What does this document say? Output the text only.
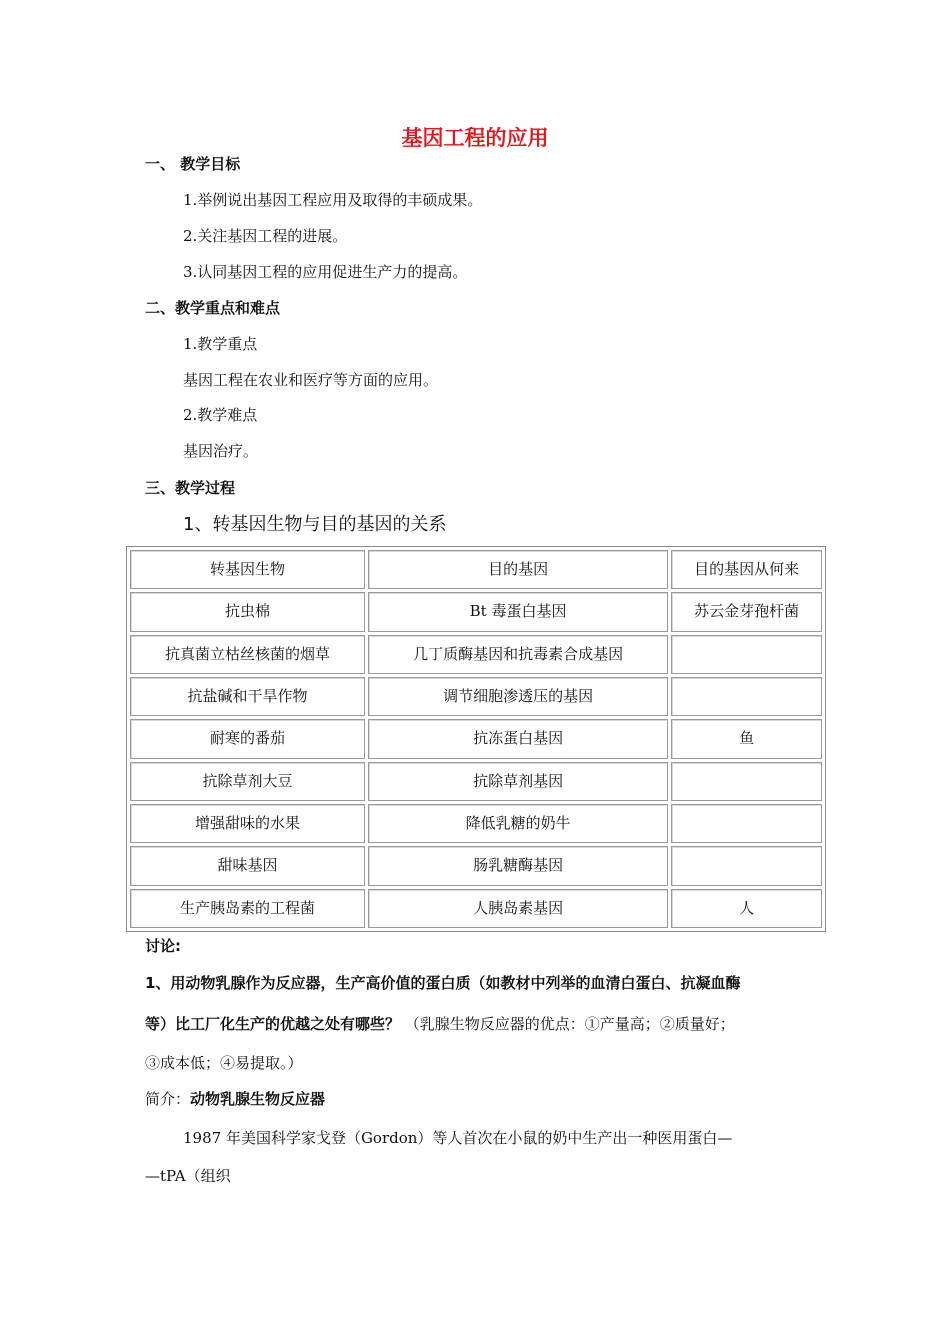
基因工程的应用
一、 教学目标
1.举例说出基因工程应用及取得的丰硕成果。
2.关注基因工程的进展。
3.认同基因工程的应用促进生产力的提高。
二、教学重点和难点
1.教学重点
基因工程在农业和医疗等方面的应用。
2.教学难点
基因治疗。
三、教学过程
1、转基因生物与目的基因的关系
转基因生物	目的基因	目的基因从何来
抗虫棉	Bt 毒蛋白基因	苏云金芽孢杆菌
抗真菌立枯丝核菌的烟草	几丁质酶基因和抗毒素合成基因	
抗盐碱和干旱作物	调节细胞渗透压的基因	
耐寒的番茄	抗冻蛋白基因	鱼
抗除草剂大豆	抗除草剂基因	
增强甜味的水果	降低乳糖的奶牛	
甜味基因	肠乳糖酶基因	
生产胰岛素的工程菌	人胰岛素基因	人
讨论:
1、用动物乳腺作为反应器，生产高价值的蛋白质（如教材中列举的血清白蛋白、抗凝血酶
等）比工厂化生产的优越之处有哪些？ （乳腺生物反应器的优点：①产量高；②质量好；
③成本低；④易提取。）
简介：动物乳腺生物反应器
1987 年美国科学家戈登（Gordon）等人首次在小鼠的奶中生产出一种医用蛋白—
—tPA（组织
